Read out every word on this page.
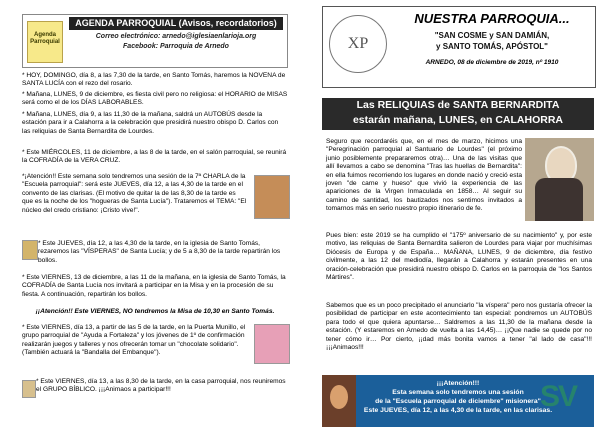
Agenda Parroquial
AGENDA PARROQUIAL (Avisos, recordatorios)
Correo electrónico: arnedo@iglesiaenlarioja.org
Facebook: Parroquia de Arnedo
* HOY, DOMINGO, día 8, a las 7,30 de la tarde, en Santo Tomás, haremos la NOVENA de SANTA LUCÍA con el rezo del rosario.
* Mañana, LUNES, 9 de diciembre, es fiesta civil pero no religiosa: el HORARIO de MISAS será como el de los DÍAS LABORABLES.
* Mañana, LUNES, día 9, a las 11,30 de la mañana, saldrá un AUTOBÚS desde la estación para ir a Calahorra a la celebración que presidirá nuestro obispo D. Carlos con las reliquias de Santa Bernardita de Lourdes.
* Este MIÉRCOLES, 11 de diciembre, a las 8 de la tarde, en el salón parroquial, se reunirá la COFRADÍA de la VERA CRUZ.
*¡Atención!! Este semana solo tendremos una sesión de la 7ª CHARLA de la "Escuela parroquial": será este JUEVES, día 12, a las 4,30 de la tarde en el convento de las clarisas. (El motivo de quitar la de las 8,30 de la tarde es que es la noche de los "hogueras de Santa Lucía"). Trataremos el TEMA: "El núcleo del credo cristiano: ¡Cristo vive!".
* Este JUEVES, día 12, a las 4,30 de la tarde, en la iglesia de Santo Tomás, rezaremos las "VÍSPERAS" de Santa Lucía; y de 5 a 8,30 de la tarde repartirán los bollos.
* Este VIERNES, 13 de diciembre, a las 11 de la mañana, en la iglesia de Santo Tomás, la COFRADÍA de Santa Lucía nos invitará a participar en la Misa y en la procesión de su fiesta. A continuación, repartirán los bollos.
¡¡Atención!! Este VIERNES, NO tendremos la Misa de 10,30 en Santo Tomás.
* Este VIERNES, día 13, a partir de las 5 de la tarde, en la Puerta Munillo, el grupo parroquial de "Ayuda a Fortaleza" y los jóvenes de 1º de confirmación realizarán juegos y talleres y nos ofrecerán tomar un "chocolate solidario". (También actuará la "Bandalla del Embanque").
* Este VIERNES, día 13, a las 8,30 de la tarde, en la casa parroquial, nos reuniremos el GRUPO BÍBLICO. ¡¡¡Animaos a participar!!!
XP
NUESTRA PARROQUIA...
"SAN COSME y SAN DAMIÁN,
y SANTO TOMÁS, APÓSTOL"
ARNEDO, 08 de diciembre de 2019, nº 1910
Las RELIQUIAS de SANTA BERNARDITA
estarán mañana, LUNES, en CALAHORRA
Seguro que recordaréis que, en el mes de marzo, hicimos una "Peregrinación parroquial al Santuario de Lourdes" (el próximo junio posiblemente prepararemos otra)… Una de las visitas que allí llevamos a cabo se denomina "Tras las huellas de Bernardita": en ella fuimos recorriendo los lugares en donde nació y creció esta joven "de carne y hueso" que vivió la experiencia de las apariciones de la Virgen Inmaculada en 1858… Al seguir su camino de santidad, los bautizados nos sentimos invitados a tomarnos más en serio nuestro propio itinerario de fe.
Pues bien: este 2019 se ha cumplido el "175º aniversario de su nacimiento" y, por este motivo, las reliquias de Santa Bernardita salieron de Lourdes para viajar por muchísimas Diócesis de Europa y de España… MAÑANA, LUNES, 9 de diciembre, día festivo civilmente, a las 12 del mediodía, llegarán a Calahorra y estarán presentes en una oración-celebración que presidirá nuestro obispo D. Carlos en la parroquia de "los Santos Mártires".
Sabemos que es un poco precipitado el anunciarlo "la víspera" pero nos gustaría ofrecer la posibilidad de participar en este acontecimiento tan especial: pondremos un AUTOBÚS para todo el que quiera apuntarse… Saldremos a las 11,30 de la mañana desde la estación. (Y estaremos en Arnedo de vuelta a las 14,45)… ¡¡Que nadie se quede por no tener cómo ir… Por cierto, ¡¡dad más bonita vamos a tener "al lado de casa"!!! ¡¡¡Animaos!!!
¡¡¡Atención!!!
Esta semana solo tendremos una sesión
de la "Escuela parroquial de diciembre" misionera"
Este JUEVES, día 12, a las 4,30 de la tarde, en las clarisas.
SV
